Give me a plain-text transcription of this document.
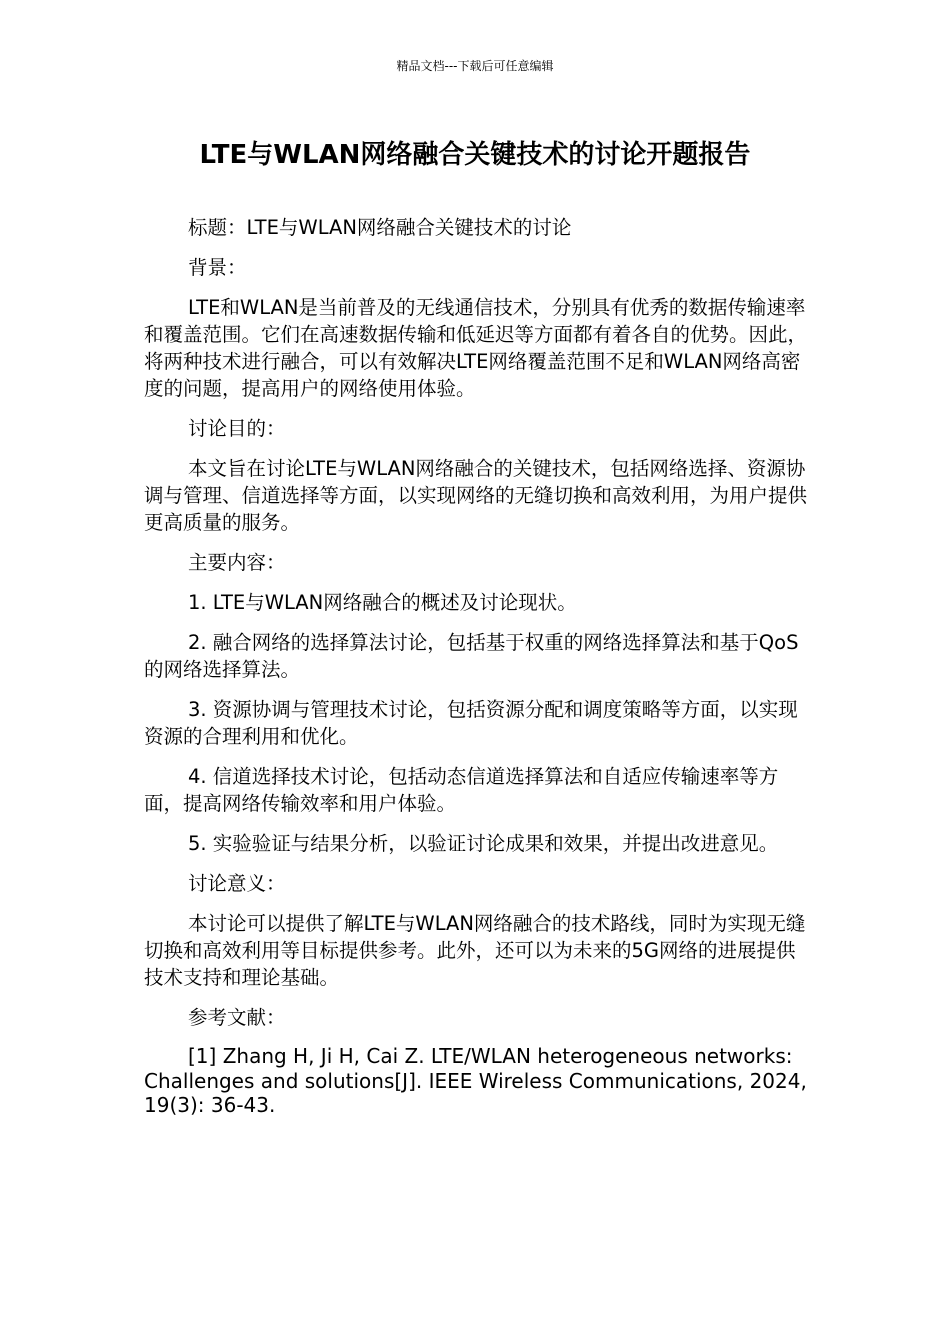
精品文档---下载后可任意编辑
LTE与WLAN网络融合关键技术的讨论开题报告

标题：LTE与WLAN网络融合关键技术的讨论

背景：

LTE和WLAN是当前普及的无线通信技术，分别具有优秀的数据传输速率和覆盖范围。它们在高速数据传输和低延迟等方面都有着各自的优势。因此，将两种技术进行融合，可以有效解决LTE网络覆盖范围不足和WLAN网络高密度的问题，提高用户的网络使用体验。

讨论目的：

本文旨在讨论LTE与WLAN网络融合的关键技术，包括网络选择、资源协调与管理、信道选择等方面，以实现网络的无缝切换和高效利用，为用户提供更高质量的服务。

主要内容：

1. LTE与WLAN网络融合的概述及讨论现状。

2. 融合网络的选择算法讨论，包括基于权重的网络选择算法和基于QoS的网络选择算法。

3. 资源协调与管理技术讨论，包括资源分配和调度策略等方面，以实现资源的合理利用和优化。

4. 信道选择技术讨论，包括动态信道选择算法和自适应传输速率等方面，提高网络传输效率和用户体验。

5. 实验验证与结果分析，以验证讨论成果和效果，并提出改进意见。

讨论意义：

本讨论可以提供了解LTE与WLAN网络融合的技术路线，同时为实现无缝切换和高效利用等目标提供参考。此外，还可以为未来的5G网络的进展提供技术支持和理论基础。

参考文献：

[1] Zhang H, Ji H, Cai Z. LTE/WLAN heterogeneous networks: Challenges and solutions[J]. IEEE Wireless Communications, 2024, 19(3): 36-43.
